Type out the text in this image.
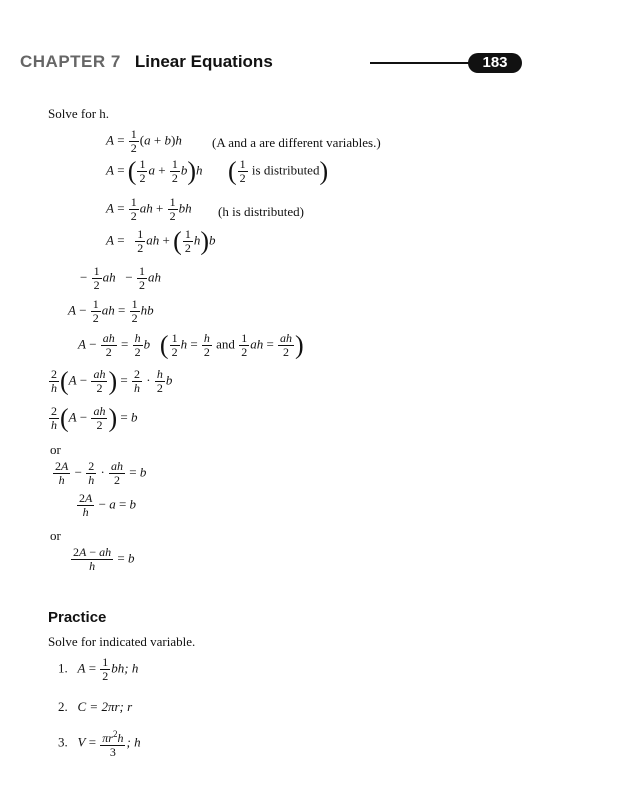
CHAPTER 7 Linear Equations	183
Solve for h.
$A = \frac{1}{2} (a + b)h$ (A and a are different variables.)
A = ( $\frac{1}{2}$ $a + \frac{1}{2} b)h$ ( $\frac{1}{2}$ is distributed)
$A = \frac{1}{2}$ ah + $\frac{1}{2}$ bh (h is distributed)
$A = \frac{1}{2}$ ah + ( $\frac{1}{2} h)b$
− $\frac{1}{2}$ ah   − $\frac{1}{2}$ ah
$A - \frac{1}{2}$ ah = $\frac{1}{2}$ hb
$A - \frac{ah}{2} = \frac{h}{2}$ b ( $\frac{1}{2}$ $h = \frac{h}{2}$ and $\frac{1}{2}$ ah = $\frac{ah}{2}$ )
$\frac{2}{h} (A - \frac{ah}{2}$ ) = $\frac{2}{h} \cdot \frac{h}{2}$ b
$\frac{2}{h} (A - \frac{ah}{2}$ ) = b
or
$\frac{2A}{h} - \frac{2}{h} \cdot \frac{ah}{2} = b$
$\frac{2A}{h} - a = b$
or
$\frac{2A - ah}{h} = b$
Practice
Solve for indicated variable.
1. $A = \frac{1}{2}$ bh; h
2. C = 2πr; r
3. $V = \frac{\pi r^2h}{3}$ ; h
